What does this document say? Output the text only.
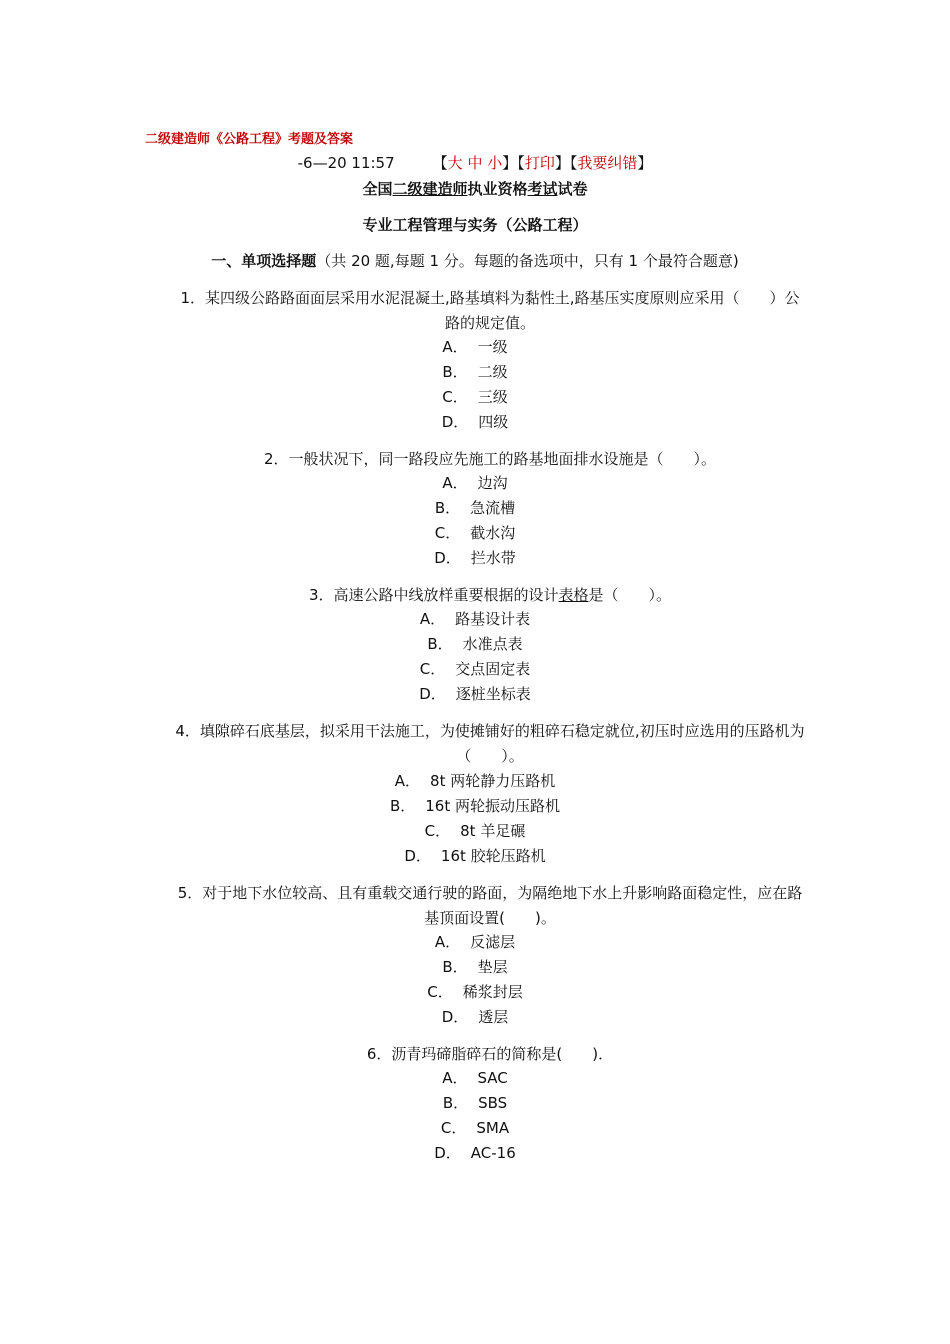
二级建造师《公路工程》考题及答案
-6—20 11:57	【大 中 小】【打印】【我要纠错】
全国二级建造师执业资格考试试卷
专业工程管理与实务（公路工程）
一、单项选择题（共 20 题,每题 1 分。每题的备选项中，只有 1 个最符合题意)
1．某四级公路路面面层采用水泥混凝土,路基填料为黏性土,路基压实度原则应采用（　　）公路的规定值。
A． 一级
B． 二级
C． 三级
D． 四级
2．一般状况下，同一路段应先施工的路基地面排水设施是（　　）。
A． 边沟
B． 急流槽
C． 截水沟
D． 拦水带
3．高速公路中线放样重要根据的设计表格是（　　）。
A． 路基设计表
B． 水准点表
C． 交点固定表
D． 逐桩坐标表
4．填隙碎石底基层，拟采用干法施工，为使摊铺好的粗碎石稳定就位,初压时应选用的压路机为（　　）。
A． 8t 两轮静力压路机
B． 16t 两轮振动压路机
C． 8t 羊足碾
D． 16t 胶轮压路机
5．对于地下水位较高、且有重载交通行驶的路面，为隔绝地下水上升影响路面稳定性，应在路基顶面设置(　　)。
A． 反滤层
B． 垫层
C． 稀浆封层
D． 透层
6．沥青玛碲脂碎石的简称是(　　)．
A． SAC
B． SBS
C． SMA
D． AC-16
